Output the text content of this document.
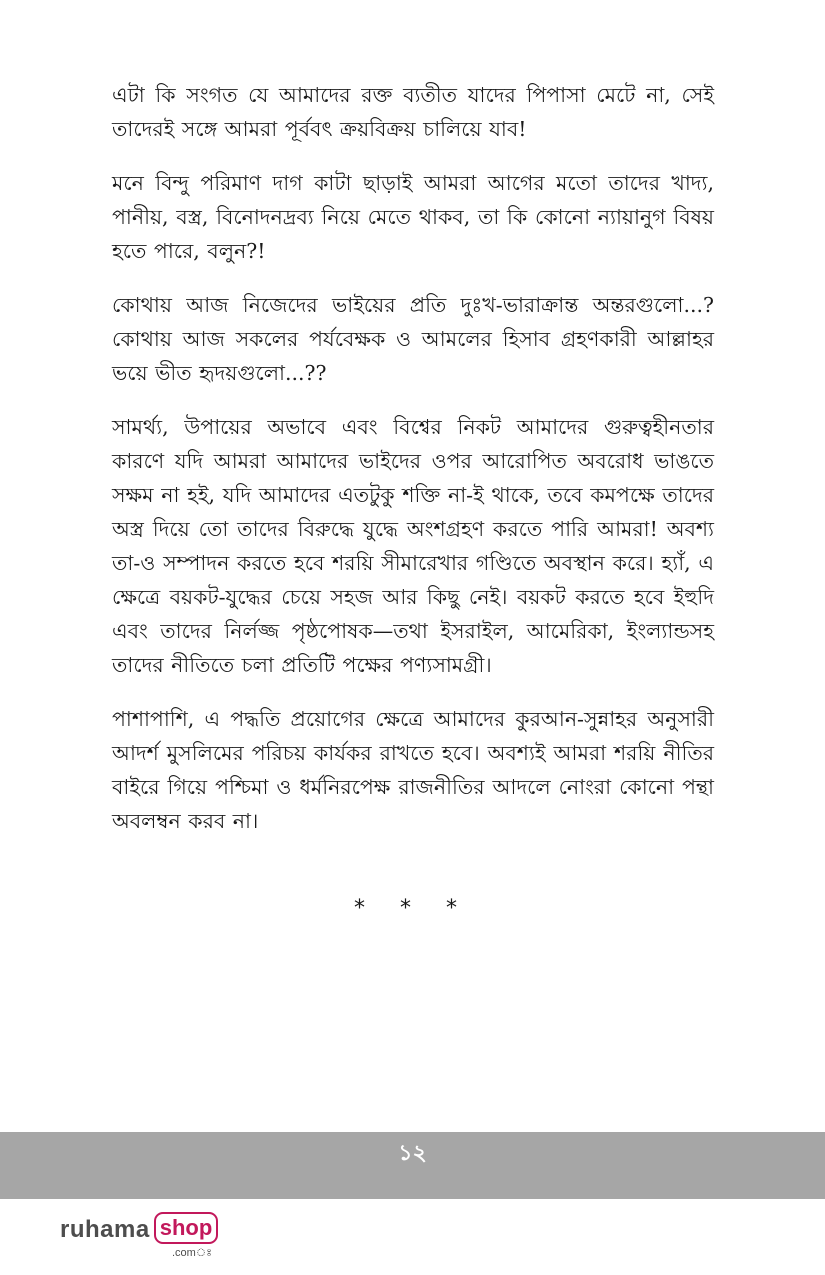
এটা কি সংগত যে আমাদের রক্ত ব্যতীত যাদের পিপাসা মেটে না, সেই তাদেরই সঙ্গে আমরা পূর্ববৎ ক্রয়বিক্রয় চালিয়ে যাব!

মনে বিন্দু পরিমাণ দাগ কাটা ছাড়াই আমরা আগের মতো তাদের খাদ্য, পানীয়, বস্ত্র, বিনোদনদ্রব্য নিয়ে মেতে থাকব, তা কি কোনো ন্যায়ানুগ বিষয় হতে পারে, বলুন?!

কোথায় আজ নিজেদের ভাইয়ের প্রতি দুঃখ-ভারাক্রান্ত অন্তরগুলো...? কোথায় আজ সকলের পর্যবেক্ষক ও আমলের হিসাব গ্রহণকারী আল্লাহর ভয়ে ভীত হৃদয়গুলো...??

সামর্থ্য, উপায়ের অভাবে এবং বিশ্বের নিকট আমাদের গুরুত্বহীনতার কারণে যদি আমরা আমাদের ভাইদের ওপর আরোপিত অবরোধ ভাঙতে সক্ষম না হই, যদি আমাদের এতটুকু শক্তি না-ই থাকে, তবে কমপক্ষে তাদের অস্ত্র দিয়ে তো তাদের বিরুদ্ধে যুদ্ধে অংশগ্রহণ করতে পারি আমরা! অবশ্য তা-ও সম্পাদন করতে হবে শরয়ি সীমারেখার গণ্ডিতে অবস্থান করে। হ্যাঁ, এ ক্ষেত্রে বয়কট-যুদ্ধের চেয়ে সহজ আর কিছু নেই। বয়কট করতে হবে ইহুদি এবং তাদের নির্লজ্জ পৃষ্ঠপোষক—তথা ইসরাইল, আমেরিকা, ইংল্যান্ডসহ তাদের নীতিতে চলা প্রতিটি পক্ষের পণ্যসামগ্রী।

পাশাপাশি, এ পদ্ধতি প্রয়োগের ক্ষেত্রে আমাদের কুরআন-সুন্নাহর অনুসারী আদর্শ মুসলিমের পরিচয় কার্যকর রাখতে হবে। অবশ্যই আমরা শরয়ি নীতির বাইরে গিয়ে পশ্চিমা ও ধর্মনিরপেক্ষ রাজনীতির আদলে নোংরা কোনো পন্থা অবলম্বন করব না।

* * *
১২
ruhama shop
.comঃ
